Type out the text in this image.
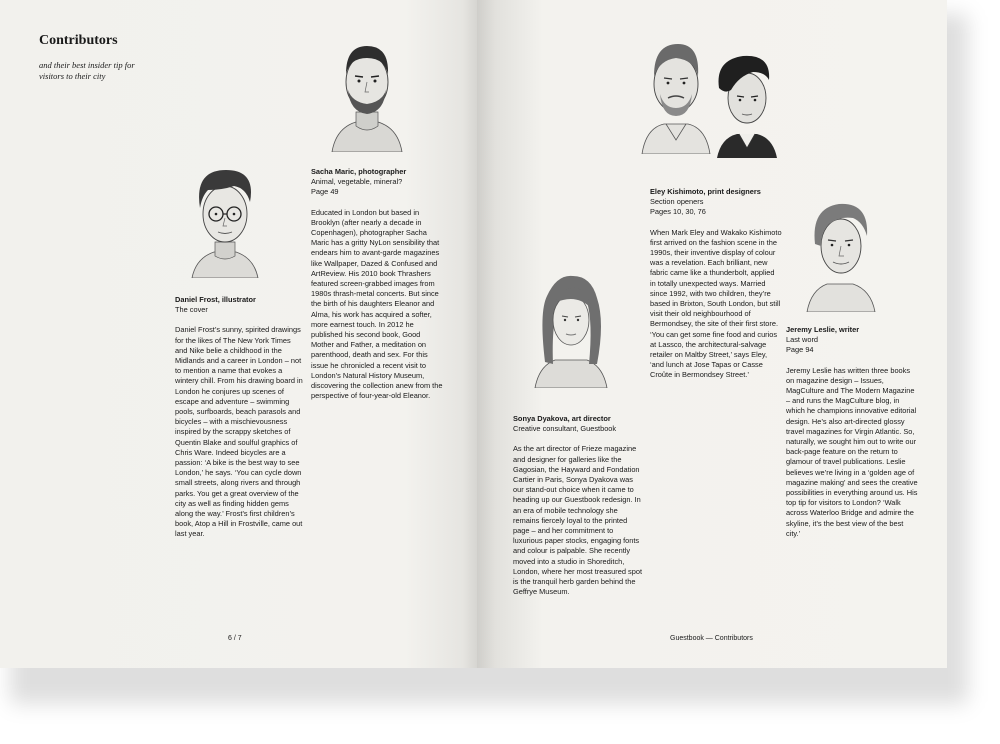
Contributors

and their best insider tip for visitors to their city

Sacha Maric, photographer
Animal, vegetable, mineral?
Page 49
Educated in London but based in Brooklyn (after nearly a decade in Copenhagen), photographer Sacha Maric has a gritty NyLon sensibility that endears him to avant-garde magazines like Wallpaper, Dazed & Confused and ArtReview. His 2010 book Thrashers featured screen-grabbed images from 1980s thrash-metal concerts. But since the birth of his daughters Eleanor and Alma, his work has acquired a softer, more earnest touch. In 2012 he published his second book, Good Mother and Father, a meditation on parenthood, death and sex. For this issue he chronicled a recent visit to London’s Natural History Museum, discovering the collection anew from the perspective of four-year-old Eleanor.
Daniel Frost, illustrator
The cover
Daniel Frost’s sunny, spirited drawings for the likes of The New York Times and Nike belie a childhood in the Midlands and a career in London – not to mention a name that evokes a wintery chill. From his drawing board in London he conjures up scenes of escape and adventure – swimming pools, surfboards, beach parasols and bicycles – with a mischievousness inspired by the scrappy sketches of Quentin Blake and soulful graphics of Chris Ware. Indeed bicycles are a passion: ‘A bike is the best way to see London,’ he says. ‘You can cycle down small streets, along rivers and through parks. You get a great overview of the city as well as finding hidden gems along the way.’ Frost’s first children’s book, Atop a Hill in Frostville, came out last year.
6 / 7
Eley Kishimoto, print designers
Section openers
Pages 10, 30, 76
When Mark Eley and Wakako Kishimoto first arrived on the fashion scene in the 1990s, their inventive display of colour was a revelation. Each brilliant, new fabric came like a thunderbolt, applied in totally unexpected ways. Married since 1992, with two children, they’re based in Brixton, South London, but still visit their old neighbourhood of Bermondsey, the site of their first store. ‘You can get some fine food and curios at Lassco, the architectural-salvage retailer on Maltby Street,’ says Eley, ‘and lunch at Jose Tapas or Casse Croûte in Bermondsey Street.’
Sonya Dyakova, art director
Creative consultant, Guestbook
As the art director of Frieze magazine and designer for galleries like the Gagosian, the Hayward and Fondation Cartier in Paris, Sonya Dyakova was our stand-out choice when it came to heading up our Guestbook redesign. In an era of mobile technology she remains fiercely loyal to the printed page – and her commitment to luxurious paper stocks, engaging fonts and colour is palpable. She recently moved into a studio in Shoreditch, London, where her most treasured spot is the tranquil herb garden behind the Geffrye Museum.
Jeremy Leslie, writer
Last word
Page 94
Jeremy Leslie has written three books on magazine design – Issues, MagCulture and The Modern Magazine – and runs the MagCulture blog, in which he champions innovative editorial design. He’s also art-directed glossy travel magazines for Virgin Atlantic. So, naturally, we sought him out to write our back-page feature on the return to glamour of travel publications. Leslie believes we’re living in a ‘golden age of magazine making’ and sees the creative possibilities in everything around us. His top tip for visitors to London? ‘Walk across Waterloo Bridge and admire the skyline, it’s the best view of the best city.’
Guestbook — Contributors
